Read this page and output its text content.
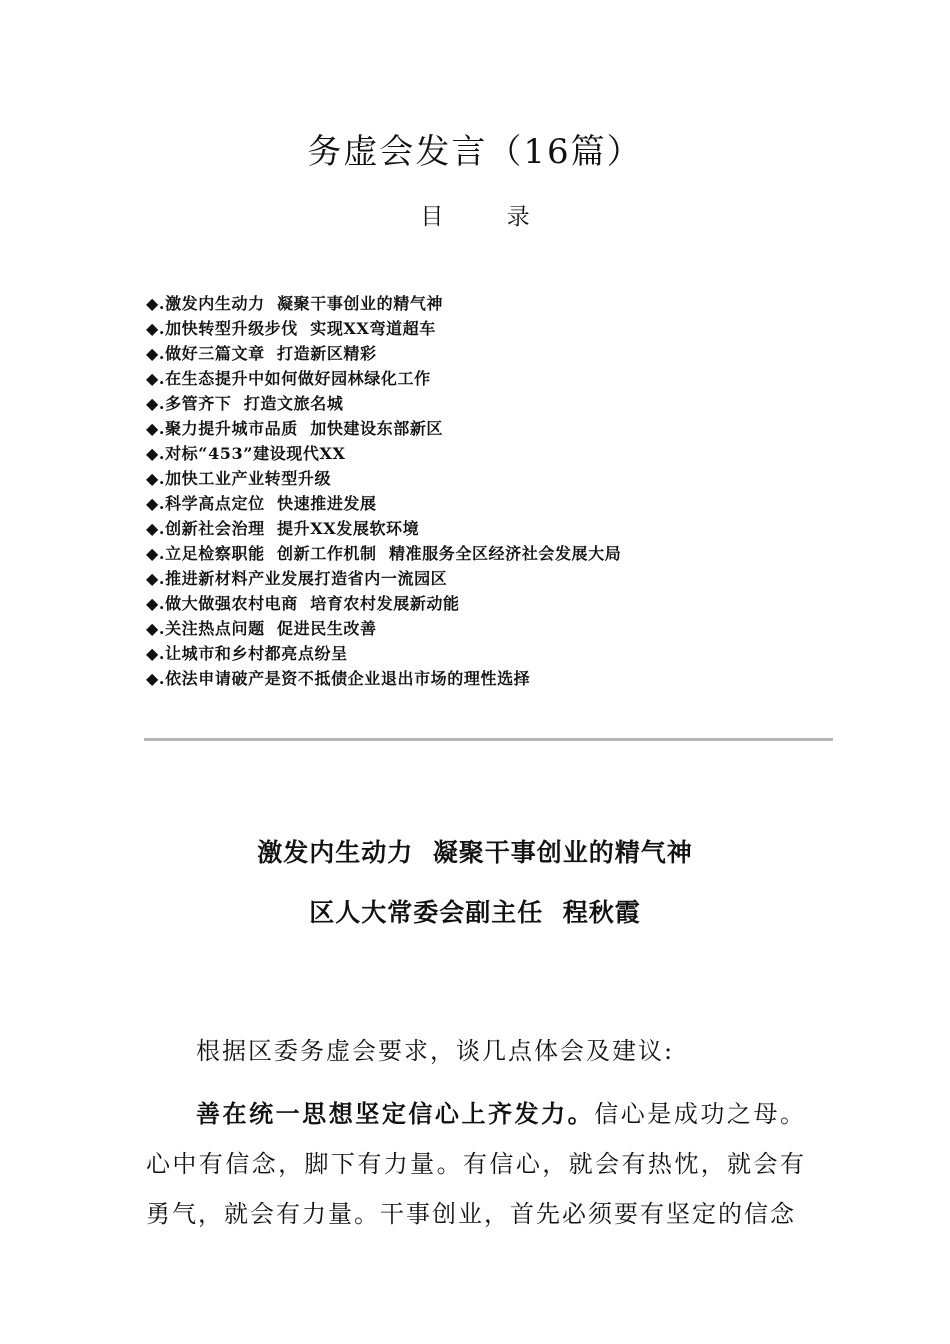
务虚会发言（16篇）
目 录
◆.激发内生动力  凝聚干事创业的精气神
◆.加快转型升级步伐  实现XX弯道超车
◆.做好三篇文章  打造新区精彩
◆.在生态提升中如何做好园林绿化工作
◆.多管齐下  打造文旅名城
◆.聚力提升城市品质  加快建设东部新区
◆.对标“453”建设现代XX
◆.加快工业产业转型升级
◆.科学高点定位  快速推进发展
◆.创新社会治理  提升XX发展软环境
◆.立足检察职能  创新工作机制  精准服务全区经济社会发展大局
◆.推进新材料产业发展打造省内一流园区
◆.做大做强农村电商  培育农村发展新动能
◆.关注热点问题  促进民生改善
◆.让城市和乡村都亮点纷呈
◆.依法申请破产是资不抵债企业退出市场的理性选择
激发内生动力  凝聚干事创业的精气神
区人大常委会副主任  程秋霞

根据区委务虚会要求，谈几点体会及建议:

善在统一思想坚定信心上齐发力。信心是成功之母。心中有信念，脚下有力量。有信心，就会有热忱，就会有勇气，就会有力量。干事创业，首先必须要有坚定的信念
